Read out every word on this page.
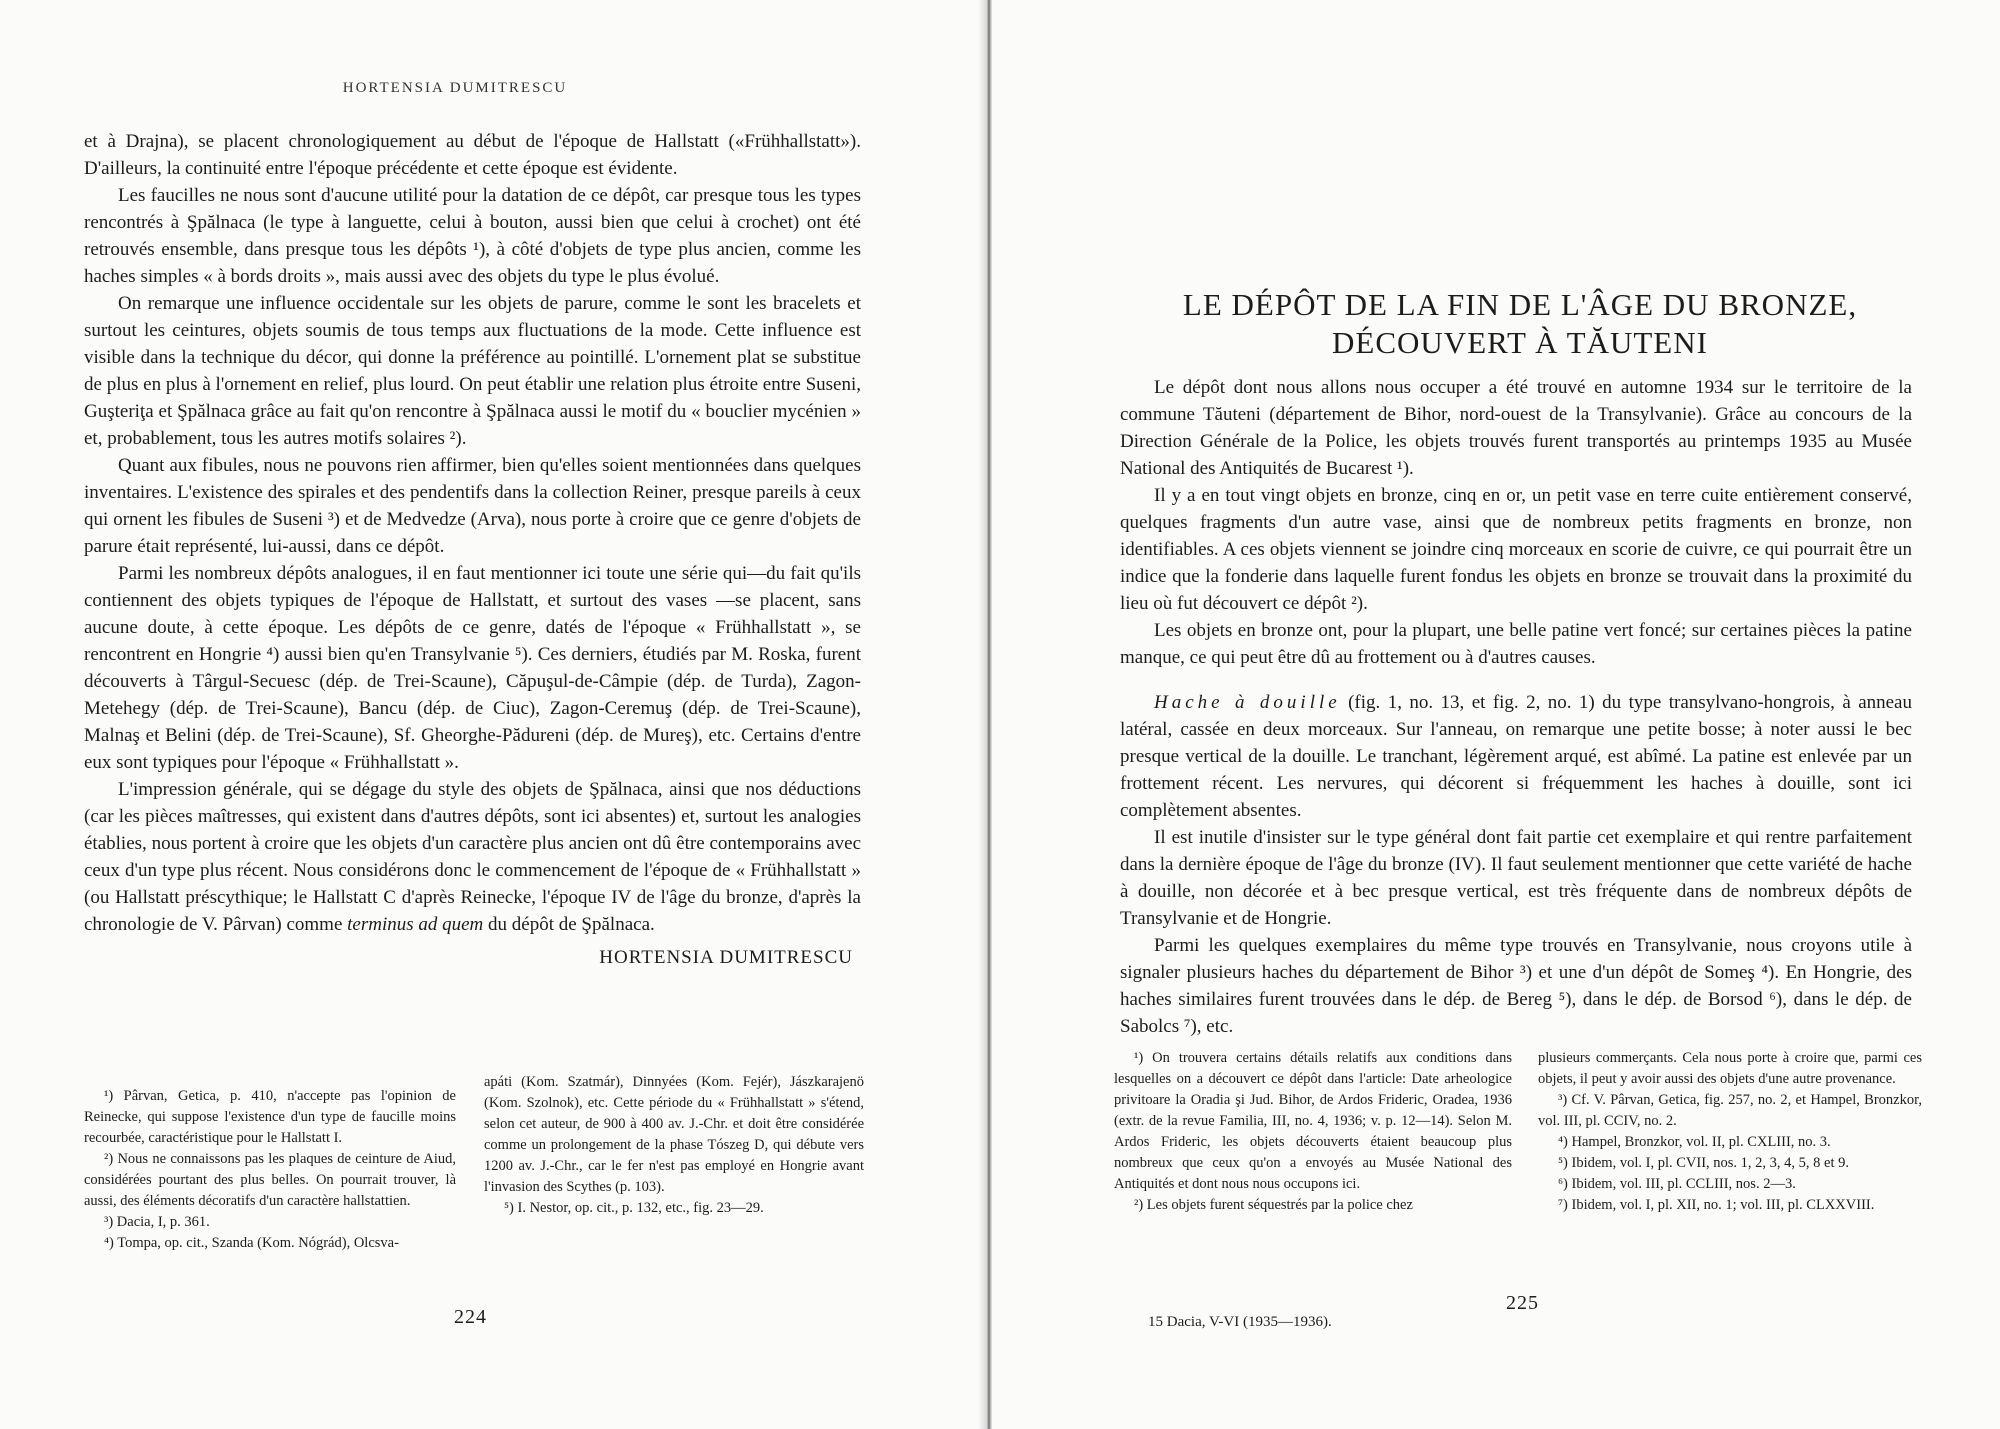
HORTENSIA DUMITRESCU

et à Drajna), se placent chronologiquement au début de l'époque de Hallstatt («Frühhallstatt»). D'ailleurs, la continuité entre l'époque précédente et cette époque est évidente.

Les faucilles ne nous sont d'aucune utilité pour la datation de ce dépôt, car presque tous les types rencontrés à Şpălnaca (le type à languette, celui à bouton, aussi bien que celui à crochet) ont été retrouvés ensemble, dans presque tous les dépôts ¹), à côté d'objets de type plus ancien, comme les haches simples « à bords droits », mais aussi avec des objets du type le plus évolué.

On remarque une influence occidentale sur les objets de parure, comme le sont les bracelets et surtout les ceintures, objets soumis de tous temps aux fluctuations de la mode. Cette influence est visible dans la technique du décor, qui donne la préférence au pointillé. L'ornement plat se substitue de plus en plus à l'ornement en relief, plus lourd. On peut établir une relation plus étroite entre Suseni, Guşteriţa et Şpălnaca grâce au fait qu'on rencontre à Şpălnaca aussi le motif du « bouclier mycénien » et, probablement, tous les autres motifs solaires ²).

Quant aux fibules, nous ne pouvons rien affirmer, bien qu'elles soient mentionnées dans quelques inventaires. L'existence des spirales et des pendentifs dans la collection Reiner, presque pareils à ceux qui ornent les fibules de Suseni ³) et de Medvedze (Arva), nous porte à croire que ce genre d'objets de parure était représenté, lui-aussi, dans ce dépôt.

Parmi les nombreux dépôts analogues, il en faut mentionner ici toute une série qui—du fait qu'ils contiennent des objets typiques de l'époque de Hallstatt, et surtout des vases —se placent, sans aucune doute, à cette époque. Les dépôts de ce genre, datés de l'époque « Frühhallstatt », se rencontrent en Hongrie ⁴) aussi bien qu'en Transylvanie ⁵). Ces derniers, étudiés par M. Roska, furent découverts à Târgul-Secuesc (dép. de Trei-Scaune), Căpuşul-de-Câmpie (dép. de Turda), Zagon-Metehegy (dép. de Trei-Scaune), Bancu (dép. de Ciuc), Zagon-Ceremuş (dép. de Trei-Scaune), Malnaş et Belini (dép. de Trei-Scaune), Sf. Gheorghe-Pădureni (dép. de Mureş), etc. Certains d'entre eux sont typiques pour l'époque « Frühhallstatt ».

L'impression générale, qui se dégage du style des objets de Şpălnaca, ainsi que nos déductions (car les pièces maîtresses, qui existent dans d'autres dépôts, sont ici absentes) et, surtout les analogies établies, nous portent à croire que les objets d'un caractère plus ancien ont dû être contemporains avec ceux d'un type plus récent. Nous considérons donc le commencement de l'époque de « Frühhallstatt » (ou Hallstatt préscythique; le Hallstatt C d'après Reinecke, l'époque IV de l'âge du bronze, d'après la chronologie de V. Pârvan) comme terminus ad quem du dépôt de Şpălnaca.

HORTENSIA DUMITRESCU

¹) Pârvan, Getica, p. 410, n'accepte pas l'opinion de Reinecke, qui suppose l'existence d'un type de faucille moins recourbée, caractéristique pour le Hallstatt I.

²) Nous ne connaissons pas les plaques de ceinture de Aiud, considérées pourtant des plus belles. On pourrait trouver, là aussi, des éléments décoratifs d'un caractère hallstattien.

³) Dacia, I, p. 361.

⁴) Tompa, op. cit., Szanda (Kom. Nógrád), Olcsva-

apáti (Kom. Szatmár), Dinnyées (Kom. Fejér), Jászkarajenö (Kom. Szolnok), etc. Cette période du « Frühhallstatt » s'étend, selon cet auteur, de 900 à 400 av. J.-Chr. et doit être considérée comme un prolongement de la phase Tószeg D, qui débute vers 1200 av. J.-Chr., car le fer n'est pas employé en Hongrie avant l'invasion des Scythes (p. 103).

⁵) I. Nestor, op. cit., p. 132, etc., fig. 23—29.

224
LE DÉPÔT DE LA FIN DE L'ÂGE DU BRONZE,
DÉCOUVERT À TĂUTENI

Le dépôt dont nous allons nous occuper a été trouvé en automne 1934 sur le territoire de la commune Tăuteni (département de Bihor, nord-ouest de la Transylvanie). Grâce au concours de la Direction Générale de la Police, les objets trouvés furent transportés au printemps 1935 au Musée National des Antiquités de Bucarest ¹).

Il y a en tout vingt objets en bronze, cinq en or, un petit vase en terre cuite entièrement conservé, quelques fragments d'un autre vase, ainsi que de nombreux petits fragments en bronze, non identifiables. A ces objets viennent se joindre cinq morceaux en scorie de cuivre, ce qui pourrait être un indice que la fonderie dans laquelle furent fondus les objets en bronze se trouvait dans la proximité du lieu où fut découvert ce dépôt ²).

Les objets en bronze ont, pour la plupart, une belle patine vert foncé; sur certaines pièces la patine manque, ce qui peut être dû au frottement ou à d'autres causes.

Hache à douille (fig. 1, no. 13, et fig. 2, no. 1) du type transylvano-hongrois, à anneau latéral, cassée en deux morceaux. Sur l'anneau, on remarque une petite bosse; à noter aussi le bec presque vertical de la douille. Le tranchant, légèrement arqué, est abîmé. La patine est enlevée par un frottement récent. Les nervures, qui décorent si fréquemment les haches à douille, sont ici complètement absentes.

Il est inutile d'insister sur le type général dont fait partie cet exemplaire et qui rentre parfaitement dans la dernière époque de l'âge du bronze (IV). Il faut seulement mentionner que cette variété de hache à douille, non décorée et à bec presque vertical, est très fréquente dans de nombreux dépôts de Transylvanie et de Hongrie.

Parmi les quelques exemplaires du même type trouvés en Transylvanie, nous croyons utile à signaler plusieurs haches du département de Bihor ³) et une d'un dépôt de Someş ⁴). En Hongrie, des haches similaires furent trouvées dans le dép. de Bereg ⁵), dans le dép. de Borsod ⁶), dans le dép. de Sabolcs ⁷), etc.

¹) On trouvera certains détails relatifs aux conditions dans lesquelles on a découvert ce dépôt dans l'article: Date arheologice privitoare la Oradia şi Jud. Bihor, de Ardos Frideric, Oradea, 1936 (extr. de la revue Familia, III, no. 4, 1936; v. p. 12—14). Selon M. Ardos Frideric, les objets découverts étaient beaucoup plus nombreux que ceux qu'on a envoyés au Musée National des Antiquités et dont nous nous occupons ici.

²) Les objets furent séquestrés par la police chez

plusieurs commerçants. Cela nous porte à croire que, parmi ces objets, il peut y avoir aussi des objets d'une autre provenance.

³) Cf. V. Pârvan, Getica, fig. 257, no. 2, et Hampel, Bronzkor, vol. III, pl. CCIV, no. 2.

⁴) Hampel, Bronzkor, vol. II, pl. CXLIII, no. 3.

⁵) Ibidem, vol. I, pl. CVII, nos. 1, 2, 3, 4, 5, 8 et 9.

⁶) Ibidem, vol. III, pl. CCLIII, nos. 2—3.

⁷) Ibidem, vol. I, pl. XII, no. 1; vol. III, pl. CLXXVIII.

225
15 Dacia, V-VI (1935—1936).
